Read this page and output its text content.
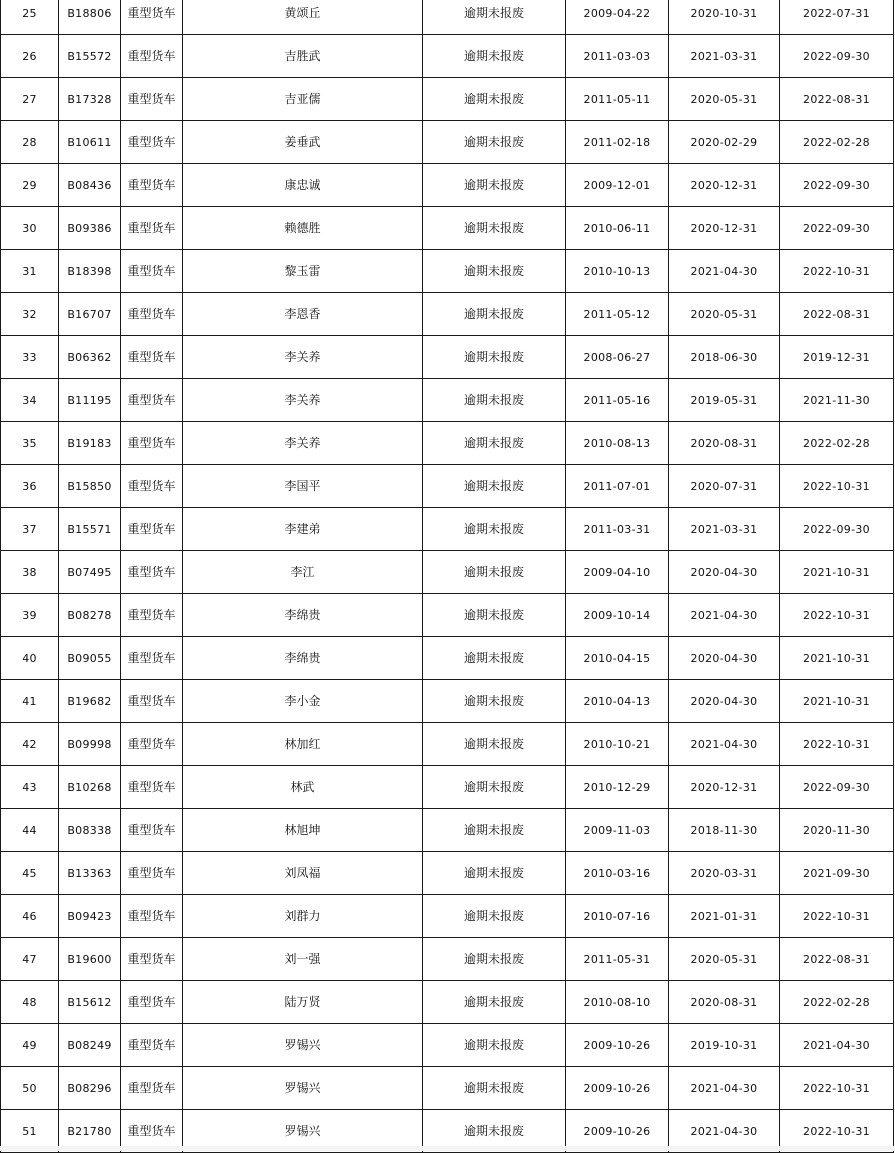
25	B18806	重型货车	黄颂丘	逾期未报废	2009-04-22	2020-10-31	2022-07-31
26	B15572	重型货车	吉胜武	逾期未报废	2011-03-03	2021-03-31	2022-09-30
27	B17328	重型货车	吉亚儒	逾期未报废	2011-05-11	2020-05-31	2022-08-31
28	B10611	重型货车	姜垂武	逾期未报废	2011-02-18	2020-02-29	2022-02-28
29	B08436	重型货车	康忠诚	逾期未报废	2009-12-01	2020-12-31	2022-09-30
30	B09386	重型货车	赖德胜	逾期未报废	2010-06-11	2020-12-31	2022-09-30
31	B18398	重型货车	黎玉雷	逾期未报废	2010-10-13	2021-04-30	2022-10-31
32	B16707	重型货车	李恩香	逾期未报废	2011-05-12	2020-05-31	2022-08-31
33	B06362	重型货车	李关养	逾期未报废	2008-06-27	2018-06-30	2019-12-31
34	B11195	重型货车	李关养	逾期未报废	2011-05-16	2019-05-31	2021-11-30
35	B19183	重型货车	李关养	逾期未报废	2010-08-13	2020-08-31	2022-02-28
36	B15850	重型货车	李国平	逾期未报废	2011-07-01	2020-07-31	2022-10-31
37	B15571	重型货车	李建弟	逾期未报废	2011-03-31	2021-03-31	2022-09-30
38	B07495	重型货车	李江	逾期未报废	2009-04-10	2020-04-30	2021-10-31
39	B08278	重型货车	李绵贵	逾期未报废	2009-10-14	2021-04-30	2022-10-31
40	B09055	重型货车	李绵贵	逾期未报废	2010-04-15	2020-04-30	2021-10-31
41	B19682	重型货车	李小金	逾期未报废	2010-04-13	2020-04-30	2021-10-31
42	B09998	重型货车	林加红	逾期未报废	2010-10-21	2021-04-30	2022-10-31
43	B10268	重型货车	林武	逾期未报废	2010-12-29	2020-12-31	2022-09-30
44	B08338	重型货车	林旭坤	逾期未报废	2009-11-03	2018-11-30	2020-11-30
45	B13363	重型货车	刘凤福	逾期未报废	2010-03-16	2020-03-31	2021-09-30
46	B09423	重型货车	刘群力	逾期未报废	2010-07-16	2021-01-31	2022-10-31
47	B19600	重型货车	刘一强	逾期未报废	2011-05-31	2020-05-31	2022-08-31
48	B15612	重型货车	陆万贤	逾期未报废	2010-08-10	2020-08-31	2022-02-28
49	B08249	重型货车	罗锡兴	逾期未报废	2009-10-26	2019-10-31	2021-04-30
50	B08296	重型货车	罗锡兴	逾期未报废	2009-10-26	2021-04-30	2022-10-31
51	B21780	重型货车	罗锡兴	逾期未报废	2009-10-26	2021-04-30	2022-10-31
